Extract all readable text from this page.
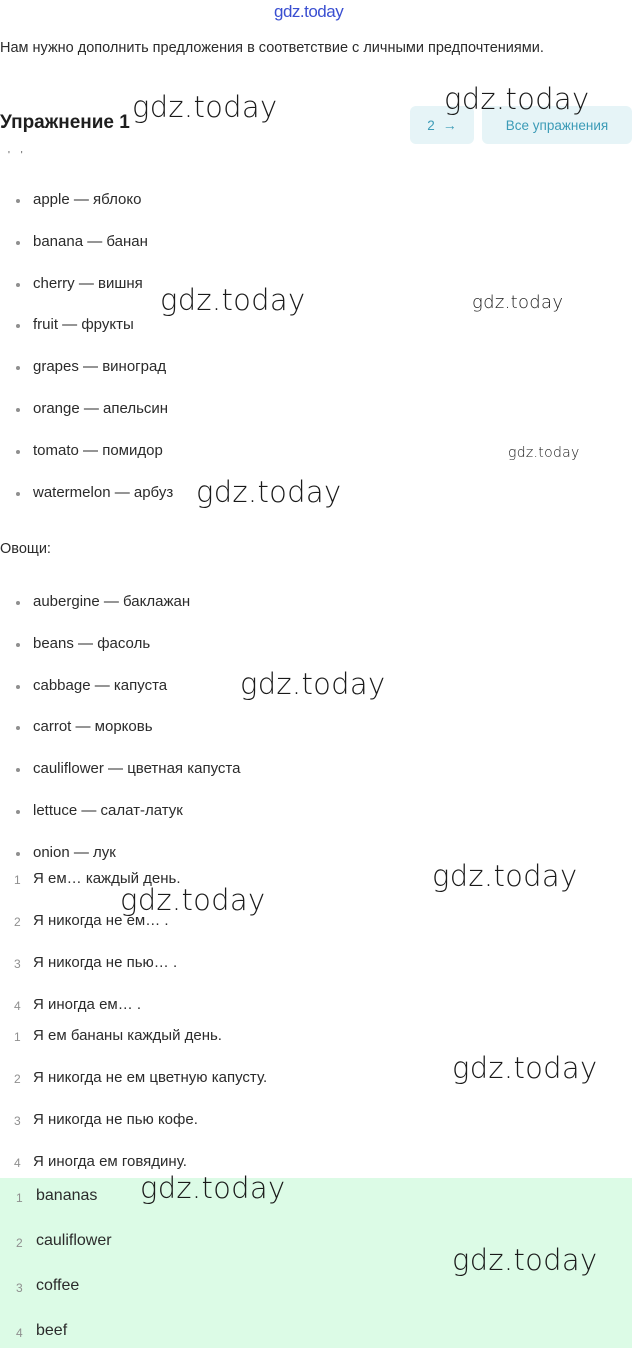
gdz.today

Нам нужно дополнить предложения в соответствие с личными предпочтениями.

Упражнение 1	2 →	Все упражнения
' '
apple — яблоко
banana — банан
cherry — вишня
fruit — фрукты
grapes — виноград
orange — апельсин
tomato — помидор
watermelon — арбуз
Овощи:
aubergine — баклажан
beans — фасоль
cabbage — капуста
carrot — морковь
cauliflower — цветная капуста
lettuce — салат-латук
onion — лук
1 Я ем… каждый день.
2 Я никогда не ем… .
3 Я никогда не пью… .
4 Я иногда ем… .
1 Я ем бананы каждый день.
2 Я никогда не ем цветную капусту.
3 Я никогда не пью кофе.
4 Я иногда ем говядину.
1 bananas
2 cauliflower
3 coffee
4 beef
gdz.today	gdz.today
gdz.today	gdz.today
gdz.today
gdz.today
gdz.today
gdz.today
gdz.today
gdz.today
gdz.today
gdz.today
